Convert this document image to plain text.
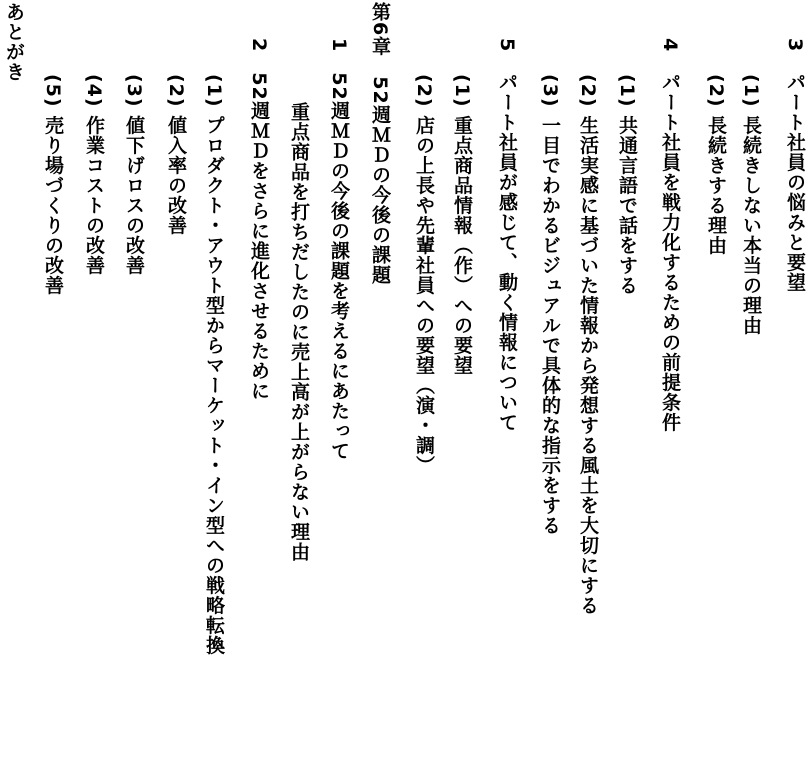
3　パート社員の悩みと要望
(1) 長続きしない本当の理由
(2) 長続きする理由
4　パート社員を戦力化するための前提条件
(1) 共通言語で話をする
(2) 生活実感に基づいた情報から発想する風土を大切にする
(3) 一目でわかるビジュアルで具体的な指示をする
5　パート社員が感じて、動く情報について
(1) 重点商品情報（作）への要望
(2) 店の上長や先輩社員への要望（演・調）
第6章　52週ＭＤの今後の課題
1　52週ＭＤの今後の課題を考えるにあたって
重点商品を打ちだしたのに売上高が上がらない理由
2　52週ＭＤをさらに進化させるために
(1) プロダクト・アウト型からマーケット・イン型への戦略転換
(2) 値入率の改善
(3) 値下げロスの改善
(4) 作業コストの改善
(5) 売り場づくりの改善
あとがき
